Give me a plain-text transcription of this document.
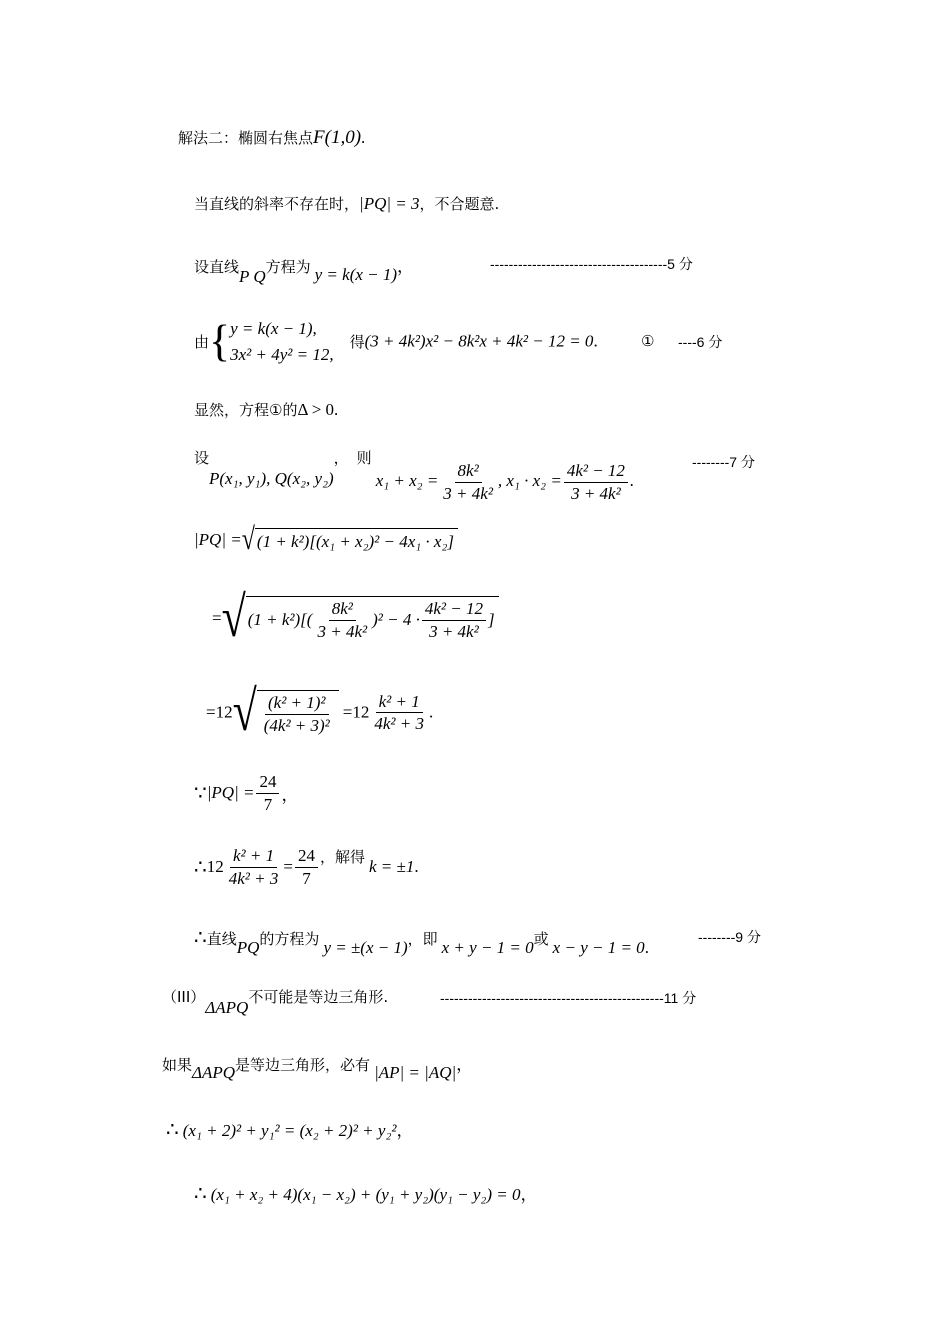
解法二：椭圆右焦点F(1,0).
当直线的斜率不存在时，|PQ| = 3，不合题意.
设直线P Q方程为 y = k(x − 1)，	--------------------------------------5 分
由{ y = k(x − 1),
3x² + 4y² = 12,
得(3 + 4k²)x² − 8k²x + 4k² − 12 = 0.	① ----6 分
显然，方程①的Δ > 0.
设P(x₁, y₁), Q(x₂, y₂)， 则 $x_1 + x_2 = \frac{\text{8k²}}{\text{3 + 4k²}}$ , $x_1 \cdot x_2 = \frac{\text{4k² − 12}}{\text{3 + 4k²}}$ .
--------7 分
|PQ| = √ (1 + k²)[(x₁ + x₂)² − 4x₁ · x₂]
= √ $(1 + k^2)[( \frac{\text{8k²}}{\text{3 + 4k²}} )^2 - 4 \cdot \frac{\text{4k² − 12}}{\text{3 + 4k²}}$ ]
=12 √ $\frac{\text{(k² + 1)²}}{\text{(4k² + 3)²}} =12 \frac{\text{k² + 1}}{\text{4k² + 3}}$ .
∵|PQ| = $\frac{24}{7}$ ，
∴12 $\frac{\text{k² + 1}}{\text{4k² + 3}} = \frac{24}{7}$ ，解得k = ±1.
∴直线PQ的方程为 y = ±(x − 1)，即 x + y − 1 = 0或 x − y − 1 = 0.
--------9 分
（III）ΔAPQ不可能是等边三角形.	------------------------------------------------11 分
如果ΔAPQ是等边三角形，必有 |AP| = |AQ|，
∴ (x₁ + 2)² + y₁² = (x₂ + 2)² + y₂²，
∴ (x₁ + x₂ + 4)(x₁ − x₂) + (y₁ + y₂)(y₁ − y₂) = 0，
